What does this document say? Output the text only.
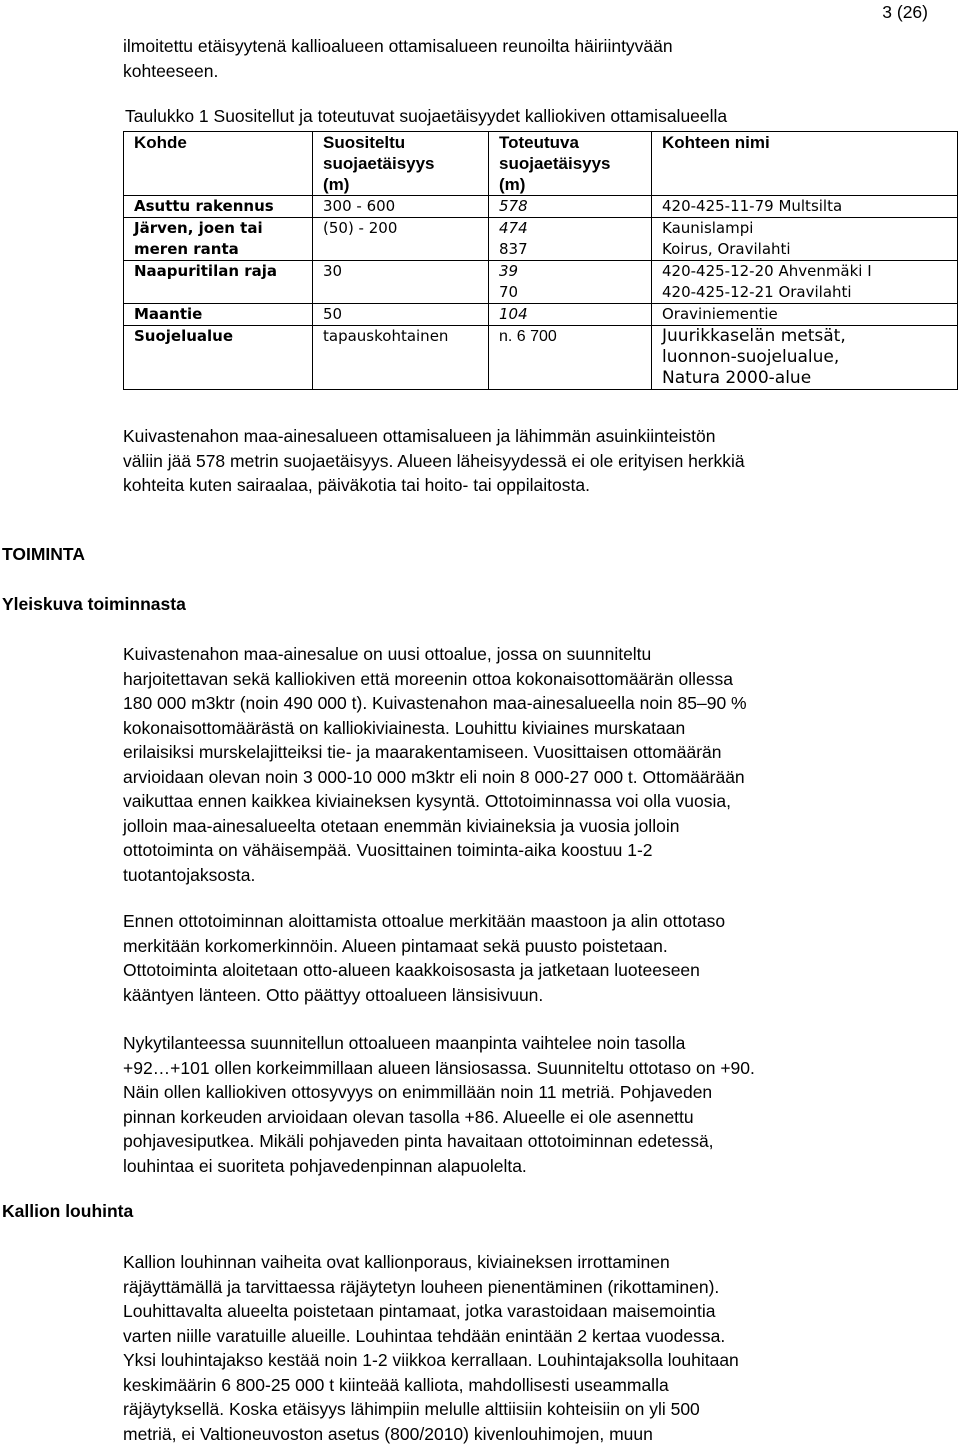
3 (26)
ilmoitettu etäisyytenä kallioalueen ottamisalueen reunoilta häiriintyvään
kohteeseen.
Taulukko 1 Suositellut ja toteutuvat suojaetäisyydet kalliokiven ottamisalueella
Kohde	Suositeltu
suojaetäisyys
(m)	Toteutuva
suojaetäisyys
(m)	Kohteen nimi
Asuttu rakennus	300 - 600	578	420-425-11-79 Multsilta

Järven, joen tai
meren ranta	(50) - 200	474
837	Kaunislampi
Koirus, Oravilahti

Naapuritilan raja	30	39
70	420-425-12-20 Ahvenmäki I
420-425-12-21 Oravilahti

Maantie	50	104	Oraviniementie
Suojelualue	tapauskohtainen	n. 6 700	Juurikkaselän metsät,
luonnon-suojelualue,
Natura 2000-alue
Kuivastenahon maa-ainesalueen ottamisalueen ja lähimmän asuinkiinteistön
väliin jää 578 metrin suojaetäisyys. Alueen läheisyydessä ei ole erityisen herkkiä
kohteita kuten sairaalaa, päiväkotia tai hoito- tai oppilaitosta.
TOIMINTA
Yleiskuva toiminnasta
Kuivastenahon maa-ainesalue on uusi ottoalue, jossa on suunniteltu
harjoitettavan sekä kalliokiven että moreenin ottoa kokonaisottomäärän ollessa
180 000 m3ktr (noin 490 000 t). Kuivastenahon maa-ainesalueella noin 85–90 %
kokonaisottomäärästä on kalliokiviainesta. Louhittu kiviaines murskataan
erilaisiksi murskelajitteiksi tie- ja maarakentamiseen. Vuosittaisen ottomäärän
arvioidaan olevan noin 3 000-10 000 m3ktr eli noin 8 000-27 000 t. Ottomäärään
vaikuttaa ennen kaikkea kiviaineksen kysyntä. Ottotoiminnassa voi olla vuosia,
jolloin maa-ainesalueelta otetaan enemmän kiviaineksia ja vuosia jolloin
ottotoiminta on vähäisempää. Vuosittainen toiminta-aika koostuu 1-2
tuotantojaksosta.
Ennen ottotoiminnan aloittamista ottoalue merkitään maastoon ja alin ottotaso
merkitään korkomerkinnöin. Alueen pintamaat sekä puusto poistetaan.
Ottotoiminta aloitetaan otto-alueen kaakkoisosasta ja jatketaan luoteeseen
kääntyen länteen. Otto päättyy ottoalueen länsisivuun.
Nykytilanteessa suunnitellun ottoalueen maanpinta vaihtelee noin tasolla
+92…+101 ollen korkeimmillaan alueen länsiosassa. Suunniteltu ottotaso on +90.
Näin ollen kalliokiven ottosyvyys on enimmillään noin 11 metriä. Pohjaveden
pinnan korkeuden arvioidaan olevan tasolla +86. Alueelle ei ole asennettu
pohjavesiputkea. Mikäli pohjaveden pinta havaitaan ottotoiminnan edetessä,
louhintaa ei suoriteta pohjavedenpinnan alapuolelta.
Kallion louhinta
Kallion louhinnan vaiheita ovat kallionporaus, kiviaineksen irrottaminen
räjäyttämällä ja tarvittaessa räjäytetyn louheen pienentäminen (rikottaminen).
Louhittavalta alueelta poistetaan pintamaat, jotka varastoidaan maisemointia
varten niille varatuille alueille. Louhintaa tehdään enintään 2 kertaa vuodessa.
Yksi louhintajakso kestää noin 1-2 viikkoa kerrallaan. Louhintajaksolla louhitaan
keskimäärin 6 800-25 000 t kiinteää kalliota, mahdollisesti useammalla
räjäytyksellä. Koska etäisyys lähimpiin melulle alttiisiin kohteisiin on yli 500
metriä, ei Valtioneuvoston asetus (800/2010) kivenlouhimojen, muun
